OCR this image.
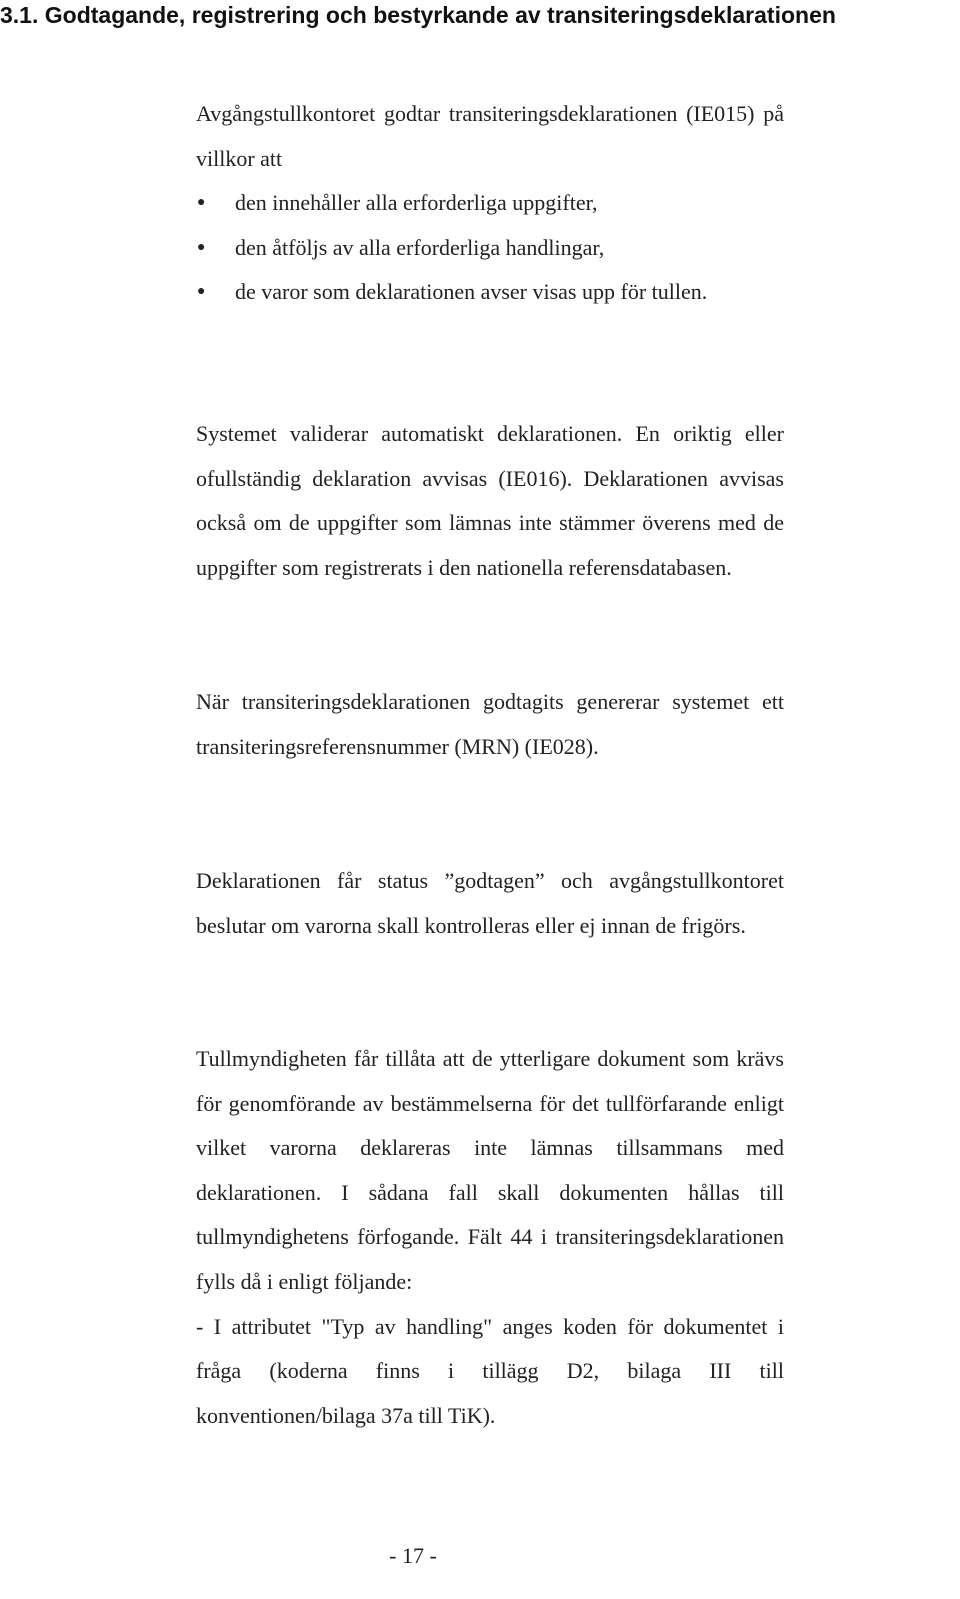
3.1. Godtagande, registrering och bestyrkande av transiteringsdeklarationen

Avgångstullkontoret godtar transiteringsdeklarationen (IE015) på villkor att

● den innehåller alla erforderliga uppgifter,
● den åtföljs av alla erforderliga handlingar,
● de varor som deklarationen avser visas upp för tullen.

Systemet validerar automatiskt deklarationen. En oriktig eller ofullständig deklaration avvisas (IE016). Deklarationen avvisas också om de uppgifter som lämnas inte stämmer överens med de uppgifter som registrerats i den nationella referensdatabasen.

När transiteringsdeklarationen godtagits genererar systemet ett transiteringsreferensnummer (MRN) (IE028).

Deklarationen får status ”godtagen” och avgångstullkontoret beslutar om varorna skall kontrolleras eller ej innan de frigörs.

Tullmyndigheten får tillåta att de ytterligare dokument som krävs för genomförande av bestämmelserna för det tullförfarande enligt vilket varorna deklareras inte lämnas tillsammans med deklarationen. I sådana fall skall dokumenten hållas till tullmyndighetens förfogande. Fält 44 i transiteringsdeklarationen fylls då i enligt följande:

- I attributet "Typ av handling" anges koden för dokumentet i fråga (koderna finns i tillägg D2, bilaga III till konventionen/bilaga 37a till TiK).

- 17 -
